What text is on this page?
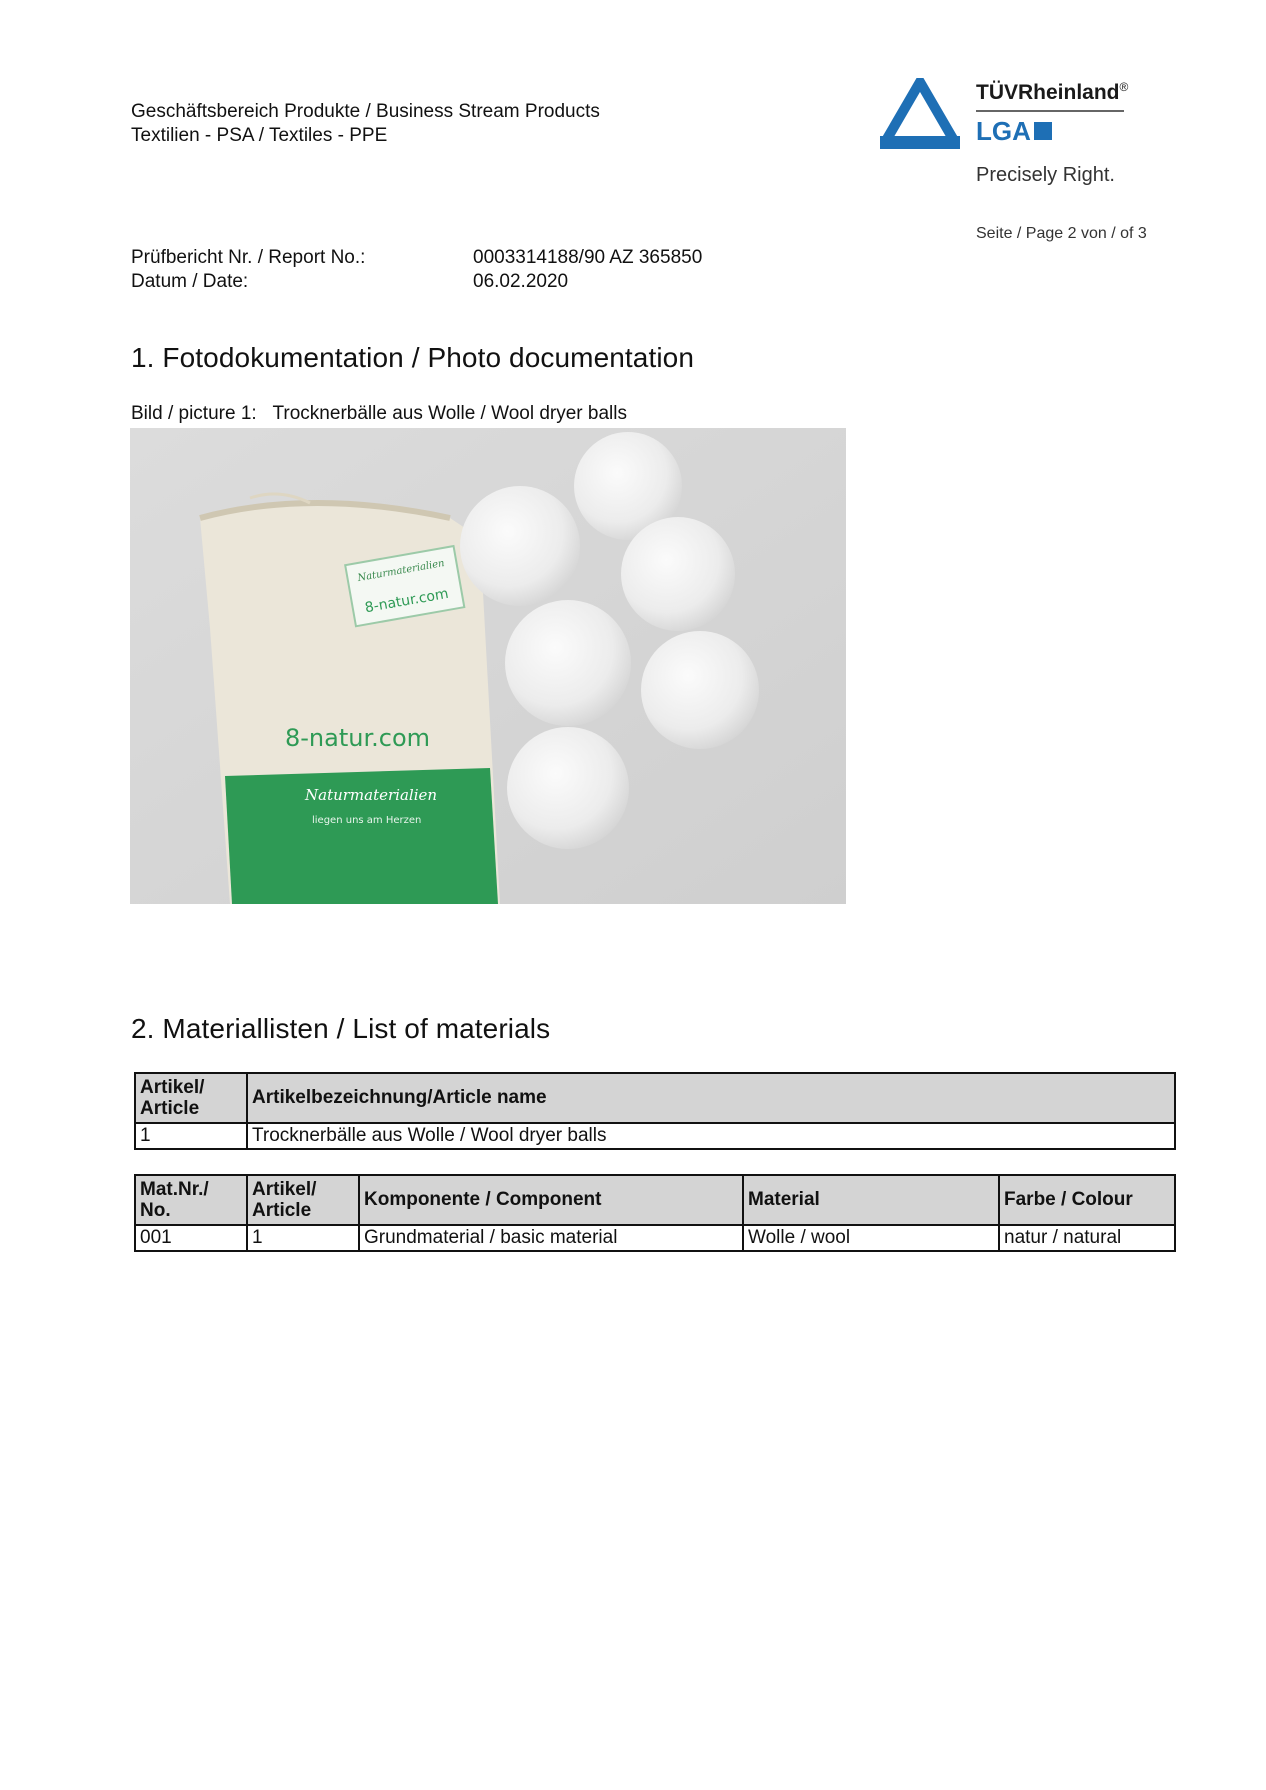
Geschäftsbereich Produkte / Business Stream Products
Textilien - PSA / Textiles - PPE
TÜVRheinland®
LGA
Precisely Right.
Seite / Page 2 von / of 3
Prüfbericht Nr. / Report No.:	0003314188/90 AZ 365850
Datum / Date:	06.02.2020
1. Fotodokumentation / Photo documentation
Bild / picture 1: Trocknerbälle aus Wolle / Wool dryer balls
8-natur.com
Naturmaterialien
liegen uns am Herzen
Naturmaterialien
8-natur.com
2. Materiallisten / List of materials
Artikel/
Article	Artikelbezeichnung/Article name
1	Trocknerbälle aus Wolle / Wool dryer balls
Mat.Nr./
No.	Artikel/
Article	Komponente / Component	Material	Farbe / Colour
001	1	Grundmaterial / basic material	Wolle / wool	natur / natural
